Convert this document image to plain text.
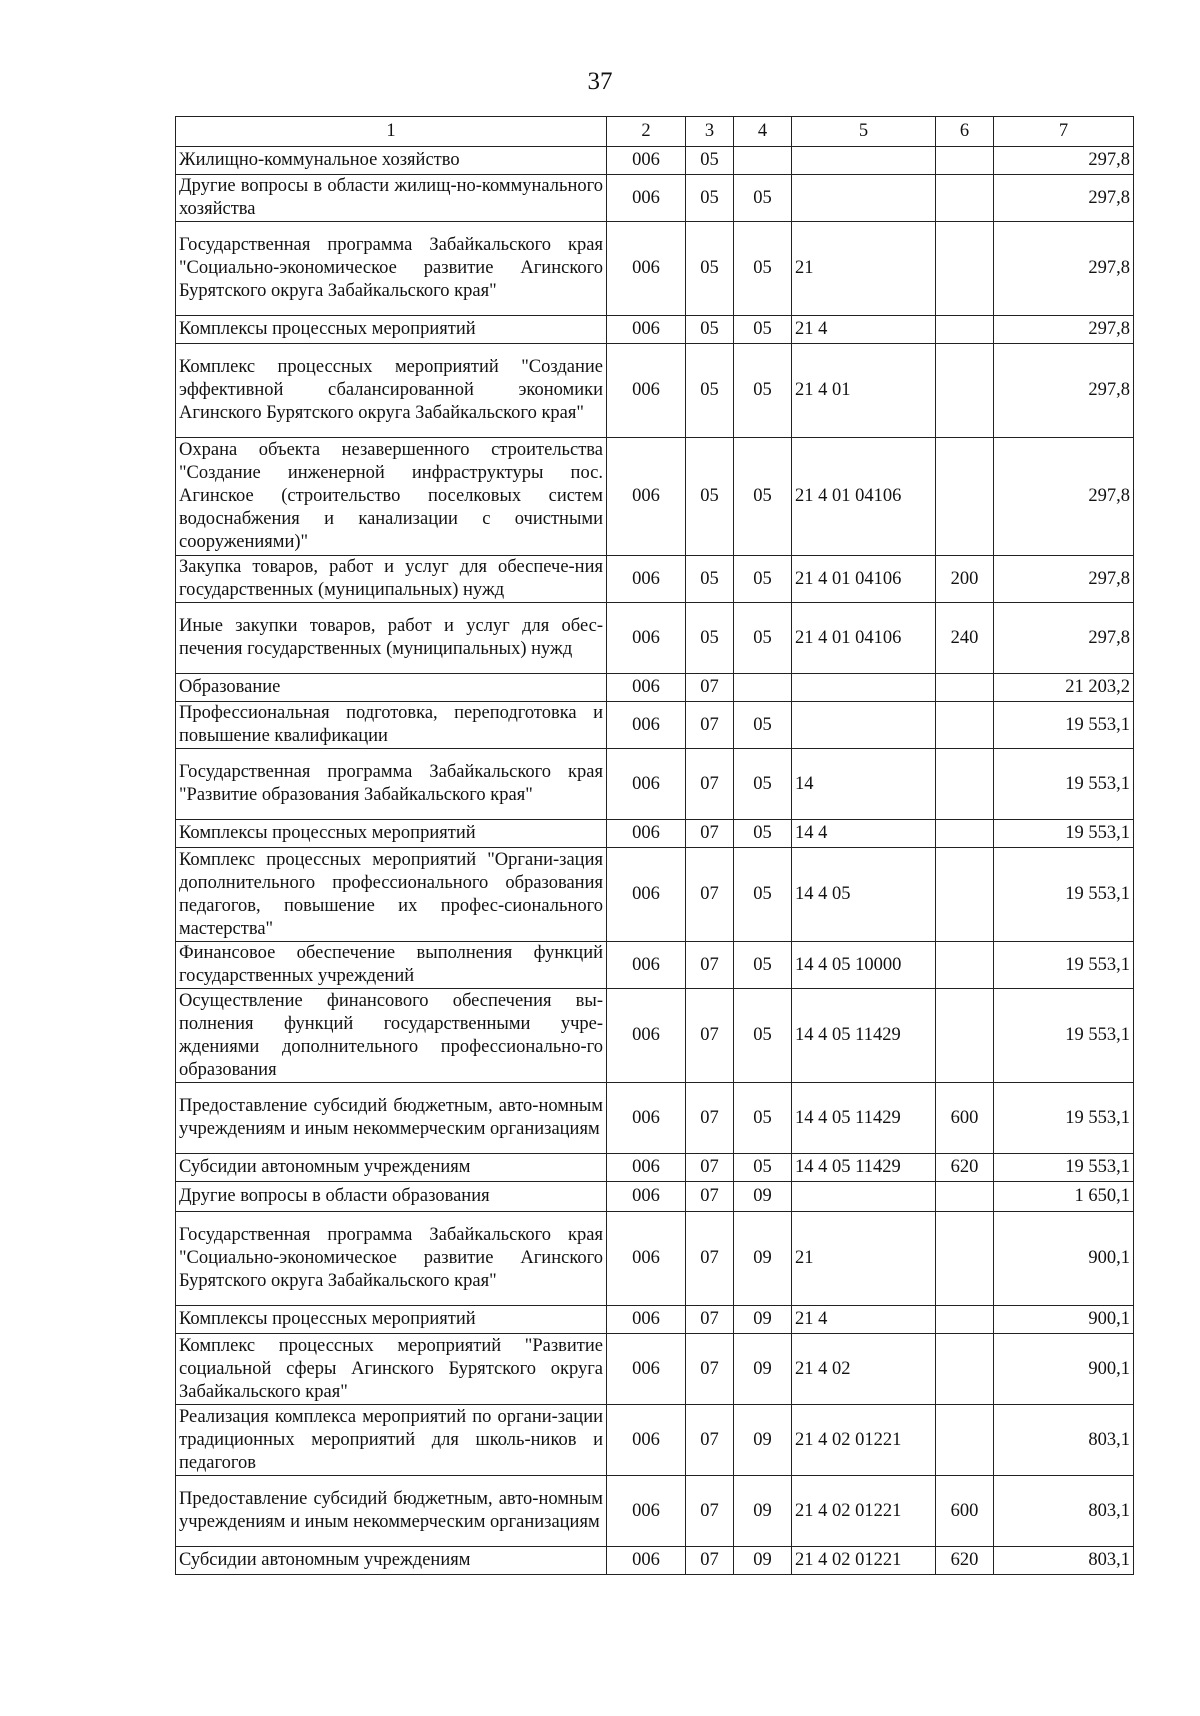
37
1	2	3	4	5	6	7
Жилищно-коммунальное хозяйство	006	05				297,8
Другие вопросы в области жилищ-но-коммунального хозяйства	006	05	05			297,8
Государственная программа Забайкальского края "Социально-экономическое развитие Агинского Бурятского округа Забайкальского края"	006	05	05	21		297,8
Комплексы процессных мероприятий	006	05	05	21 4		297,8
Комплекс процессных мероприятий "Создание эффективной сбалансированной экономики Агинского Бурятского округа Забайкальского края"	006	05	05	21 4 01		297,8
Охрана объекта незавершенного строительства "Создание инженерной инфраструктуры пос. Агинское (строительство поселковых систем водоснабжения и канализации с очистными сооружениями)"	006	05	05	21 4 01 04106		297,8
Закупка товаров, работ и услуг для обеспече-ния государственных (муниципальных) нужд	006	05	05	21 4 01 04106	200	297,8
Иные закупки товаров, работ и услуг для обес-печения государственных (муниципальных) нужд	006	05	05	21 4 01 04106	240	297,8
Образование	006	07				21 203,2
Профессиональная подготовка, переподготовка и повышение квалификации	006	07	05			19 553,1
Государственная программа Забайкальского края "Развитие образования Забайкальского края"	006	07	05	14		19 553,1
Комплексы процессных мероприятий	006	07	05	14 4		19 553,1
Комплекс процессных мероприятий "Органи-зация дополнительного профессионального образования педагогов, повышение их профес-сионального мастерства"	006	07	05	14 4 05		19 553,1
Финансовое обеспечение выполнения функций государственных учреждений	006	07	05	14 4 05 10000		19 553,1
Осуществление финансового обеспечения вы-полнения функций государственными учре-ждениями дополнительного профессионально-го образования	006	07	05	14 4 05 11429		19 553,1
Предоставление субсидий бюджетным, авто-номным учреждениям и иным некоммерческим организациям	006	07	05	14 4 05 11429	600	19 553,1
Субсидии автономным учреждениям	006	07	05	14 4 05 11429	620	19 553,1
Другие вопросы в области образования	006	07	09			1 650,1
Государственная программа Забайкальского края "Социально-экономическое развитие Агинского Бурятского округа Забайкальского края"	006	07	09	21		900,1
Комплексы процессных мероприятий	006	07	09	21 4		900,1
Комплекс процессных мероприятий "Развитие социальной сферы Агинского Бурятского округа Забайкальского края"	006	07	09	21 4 02		900,1
Реализация комплекса мероприятий по органи-зации традиционных мероприятий для школь-ников и педагогов	006	07	09	21 4 02 01221		803,1
Предоставление субсидий бюджетным, авто-номным учреждениям и иным некоммерческим организациям	006	07	09	21 4 02 01221	600	803,1
Субсидии автономным учреждениям	006	07	09	21 4 02 01221	620	803,1
